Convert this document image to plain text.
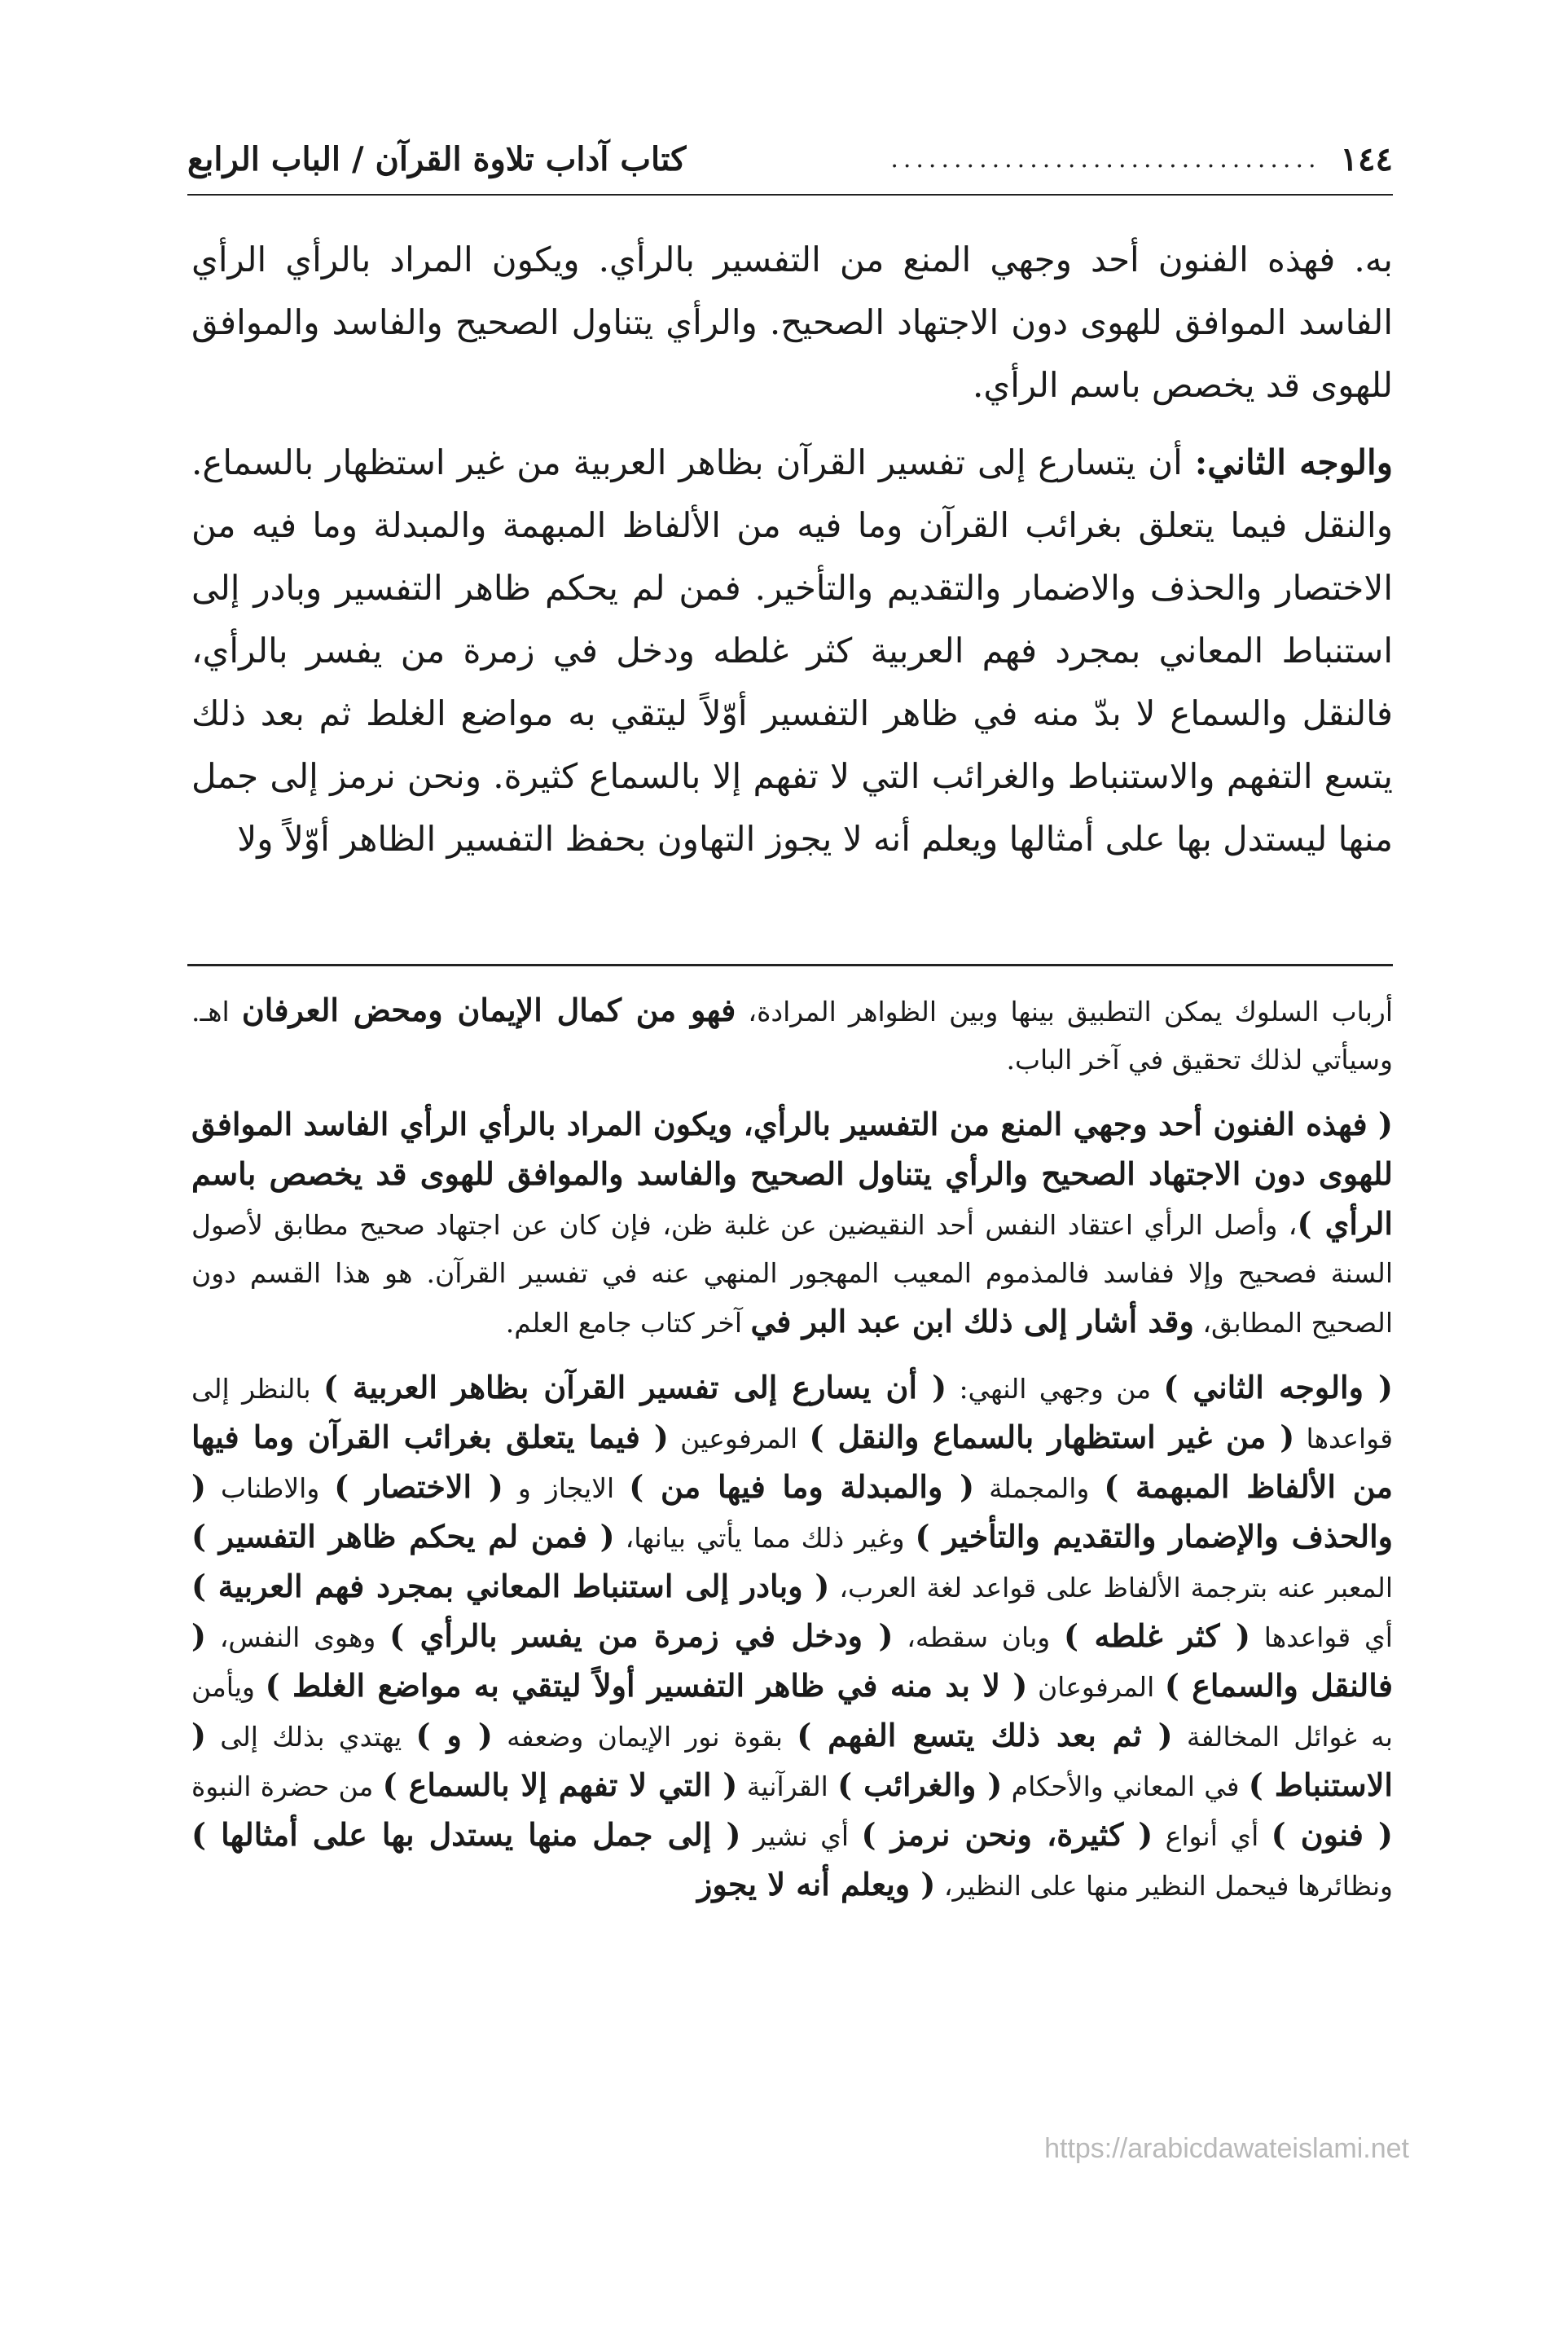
١٤٤
..................................
كتاب آداب تلاوة القرآن / الباب الرابع

به. فهذه الفنون أحد وجهي المنع من التفسير بالرأي. ويكون المراد بالرأي الرأي الفاسد الموافق للهوى دون الاجتهاد الصحيح. والرأي يتناول الصحيح والفاسد والموافق للهوى قد يخصص باسم الرأي.

والوجه الثاني: أن يتسارع إلى تفسير القرآن بظاهر العربية من غير استظهار بالسماع. والنقل فيما يتعلق بغرائب القرآن وما فيه من الألفاظ المبهمة والمبدلة وما فيه من الاختصار والحذف والاضمار والتقديم والتأخير. فمن لم يحكم ظاهر التفسير وبادر إلى استنباط المعاني بمجرد فهم العربية كثر غلطه ودخل في زمرة من يفسر بالرأي، فالنقل والسماع لا بدّ منه في ظاهر التفسير أوّلاً ليتقي به مواضع الغلط ثم بعد ذلك يتسع التفهم والاستنباط والغرائب التي لا تفهم إلا بالسماع كثيرة. ونحن نرمز إلى جمل منها ليستدل بها على أمثالها ويعلم أنه لا يجوز التهاون بحفظ التفسير الظاهر أوّلاً ولا

أرباب السلوك يمكن التطبيق بينها وبين الظواهر المرادة، فهو من كمال الإيمان ومحض العرفان اهـ. وسيأتي لذلك تحقيق في آخر الباب.

( فهذه الفنون أحد وجهي المنع من التفسير بالرأي، ويكون المراد بالرأي الرأي الفاسد الموافق للهوى دون الاجتهاد الصحيح والرأي يتناول الصحيح والفاسد والموافق للهوى قد يخصص باسم الرأي )، وأصل الرأي اعتقاد النفس أحد النقيضين عن غلبة ظن، فإن كان عن اجتهاد صحيح مطابق لأصول السنة فصحيح وإلا ففاسد فالمذموم المعيب المهجور المنهي عنه في تفسير القرآن. هو هذا القسم دون الصحيح المطابق، وقد أشار إلى ذلك ابن عبد البر في آخر كتاب جامع العلم.

( والوجه الثاني ) من وجهي النهي: ( أن يسارع إلى تفسير القرآن بظاهر العربية ) بالنظر إلى قواعدها ( من غير استظهار بالسماع والنقل ) المرفوعين ( فيما يتعلق بغرائب القرآن وما فيها من الألفاظ المبهمة ) والمجملة ( والمبدلة وما فيها من ) الايجاز و ( الاختصار ) والاطناب ( والحذف والإضمار والتقديم والتأخير ) وغير ذلك مما يأتي بيانها، ( فمن لم يحكم ظاهر التفسير ) المعبر عنه بترجمة الألفاظ على قواعد لغة العرب، ( وبادر إلى استنباط المعاني بمجرد فهم العربية ) أي قواعدها ( كثر غلطه ) وبان سقطه، ( ودخل في زمرة من يفسر بالرأي ) وهوى النفس، ( فالنقل والسماع ) المرفوعان ( لا بد منه في ظاهر التفسير أولاً ليتقي به مواضع الغلط ) ويأمن به غوائل المخالفة ( ثم بعد ذلك يتسع الفهم ) بقوة نور الإيمان وضعفه ( و ) يهتدي بذلك إلى ( الاستنباط ) في المعاني والأحكام ( والغرائب ) القرآنية ( التي لا تفهم إلا بالسماع ) من حضرة النبوة ( فنون ) أي أنواع ( كثيرة، ونحن نرمز ) أي نشير ( إلى جمل منها يستدل بها على أمثالها ) ونظائرها فيحمل النظير منها على النظير، ( ويعلم أنه لا يجوز

https://arabicdawateislami.net
